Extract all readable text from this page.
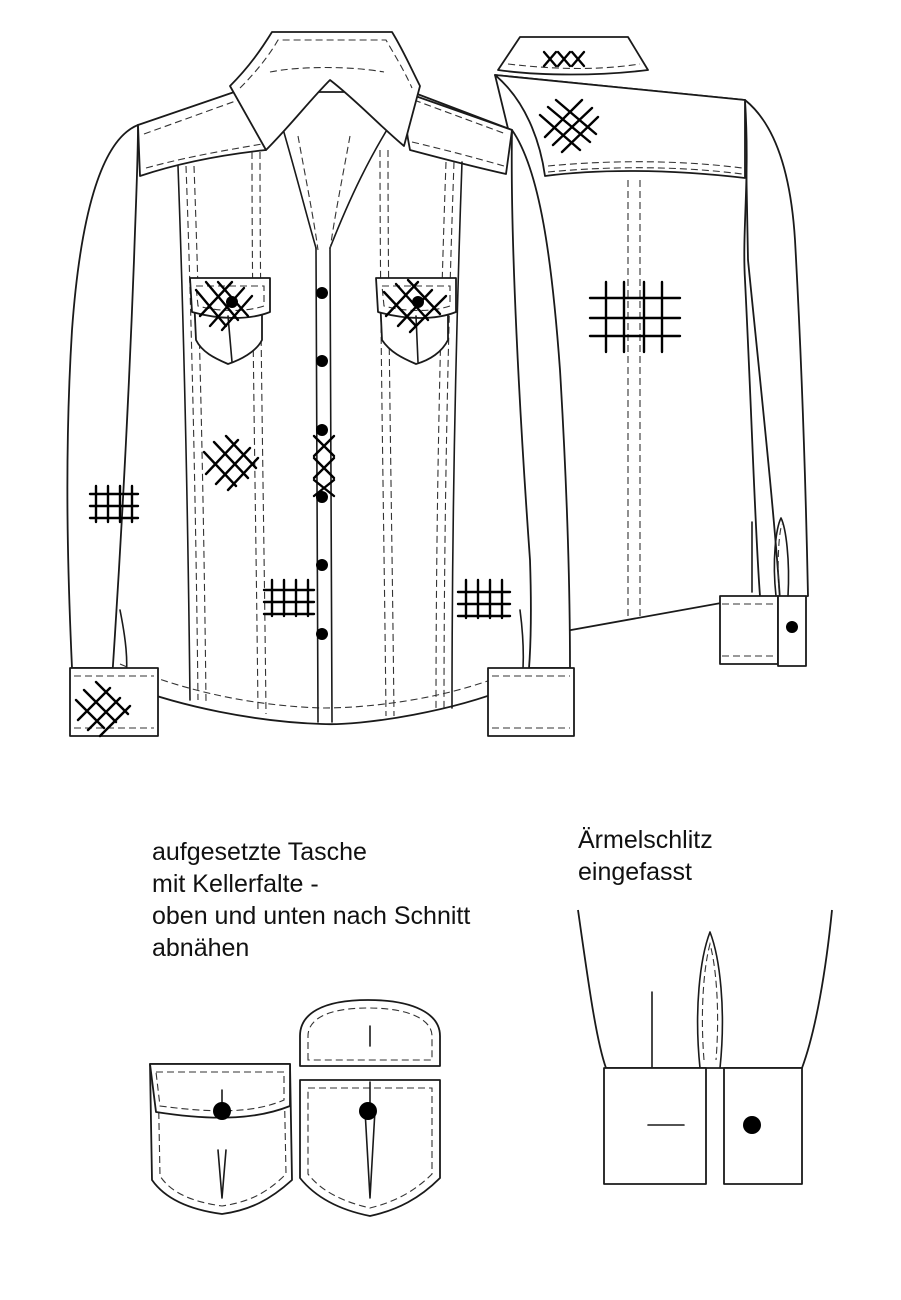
aufgesetzte Tasche
mit Kellerfalte -
oben und unten nach Schnitt
abnähen
Ärmelschlitz
eingefasst
